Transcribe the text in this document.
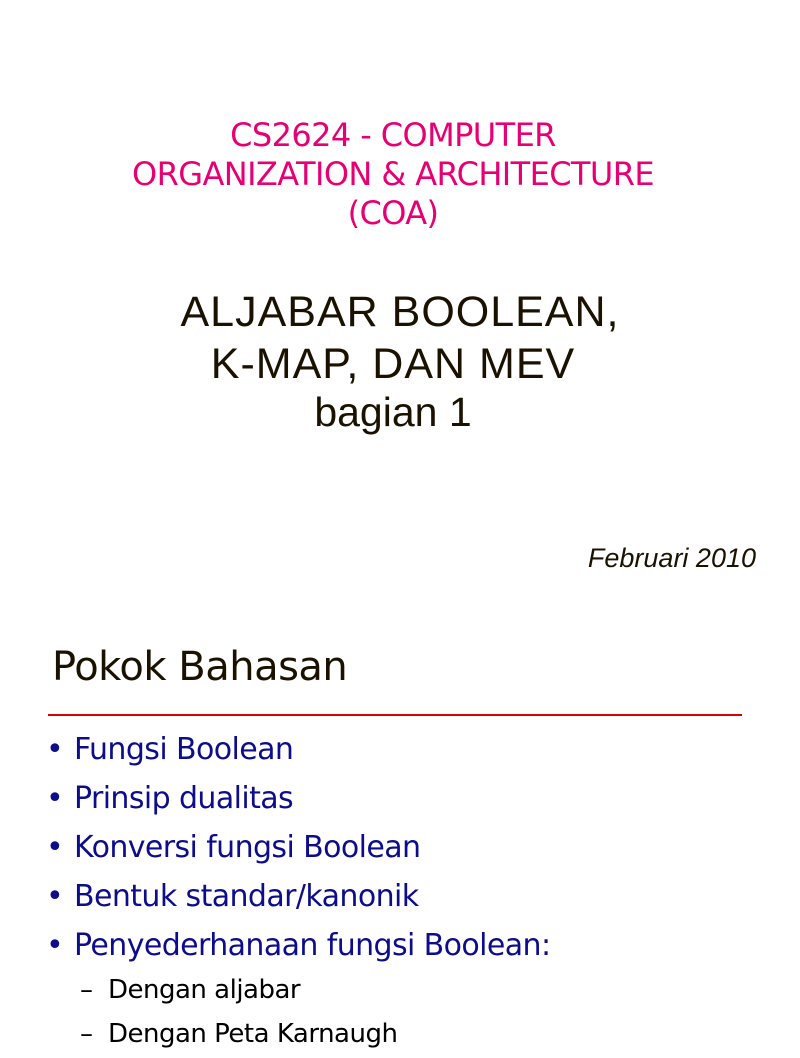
CS2624 - COMPUTER
ORGANIZATION & ARCHITECTURE
(COA)
ALJABAR BOOLEAN,
K-MAP, DAN MEV
bagian 1
Februari 2010
Pokok Bahasan
• Fungsi Boolean
• Prinsip dualitas
• Konversi fungsi Boolean
• Bentuk standar/kanonik
• Penyederhanaan fungsi Boolean:
– Dengan aljabar
– Dengan Peta Karnaugh
